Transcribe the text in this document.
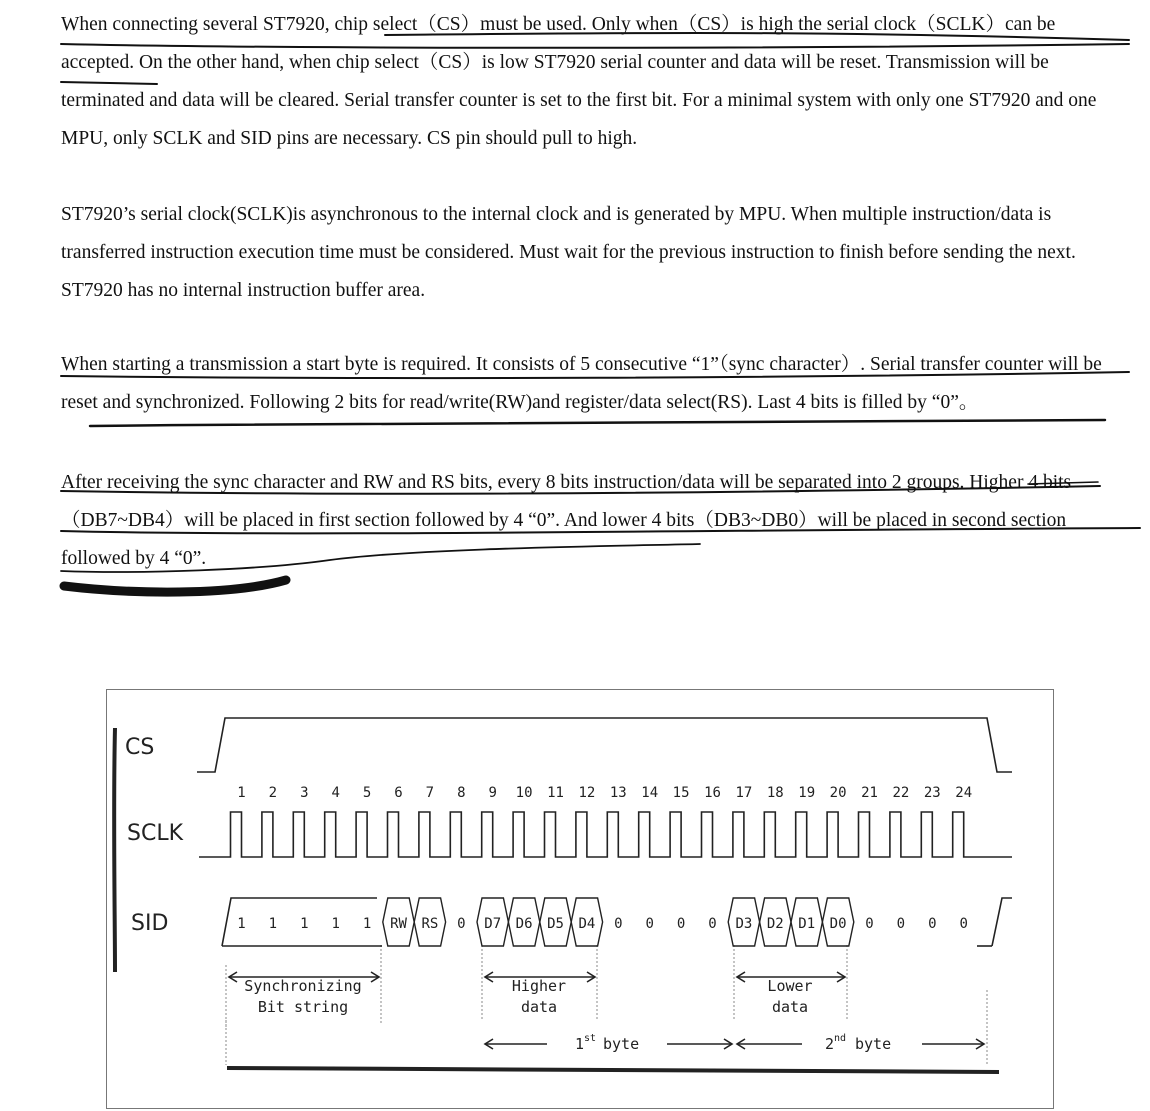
When connecting several ST7920, chip select（CS）must be used. Only when（CS）is high the serial clock（SCLK）can be accepted. On the other hand, when chip select（CS）is low ST7920 serial counter and data will be reset. Transmission will be terminated and data will be cleared. Serial transfer counter is set to the first bit. For a minimal system with only one ST7920 and one MPU, only SCLK and SID pins are necessary. CS pin should pull to high.

ST7920’s serial clock(SCLK)is asynchronous to the internal clock and is generated by MPU. When multiple instruction/data is transferred instruction execution time must be considered. Must wait for the previous instruction to finish before sending the next. ST7920 has no internal instruction buffer area.

When starting a transmission a start byte is required. It consists of 5 consecutive “1”（sync character）. Serial transfer counter will be reset and synchronized. Following 2 bits for read/write(RW)and register/data select(RS). Last 4 bits is filled by “0”。

After receiving the sync character and RW and RS bits, every 8 bits instruction/data will be separated into 2 groups. Higher 4 bits（DB7~DB4）will be placed in first section followed by 4 “0”. And lower 4 bits（DB3~DB0）will be placed in second section followed by 4 “0”.

CS
SCLK
SID
1 2 3 4 5 6 7 8 9 10 11 12 13 14 15 16 17 18 19 20 21 22 23 24
1 1 1 1 1 RW RS 0 D7 D6 D5 D4 0 0 0 0 D3 D2 D1 D0 0 0 0 0
Synchronizing
Bit string
Higher
data
Lower
data
1 st byte	2 nd byte
